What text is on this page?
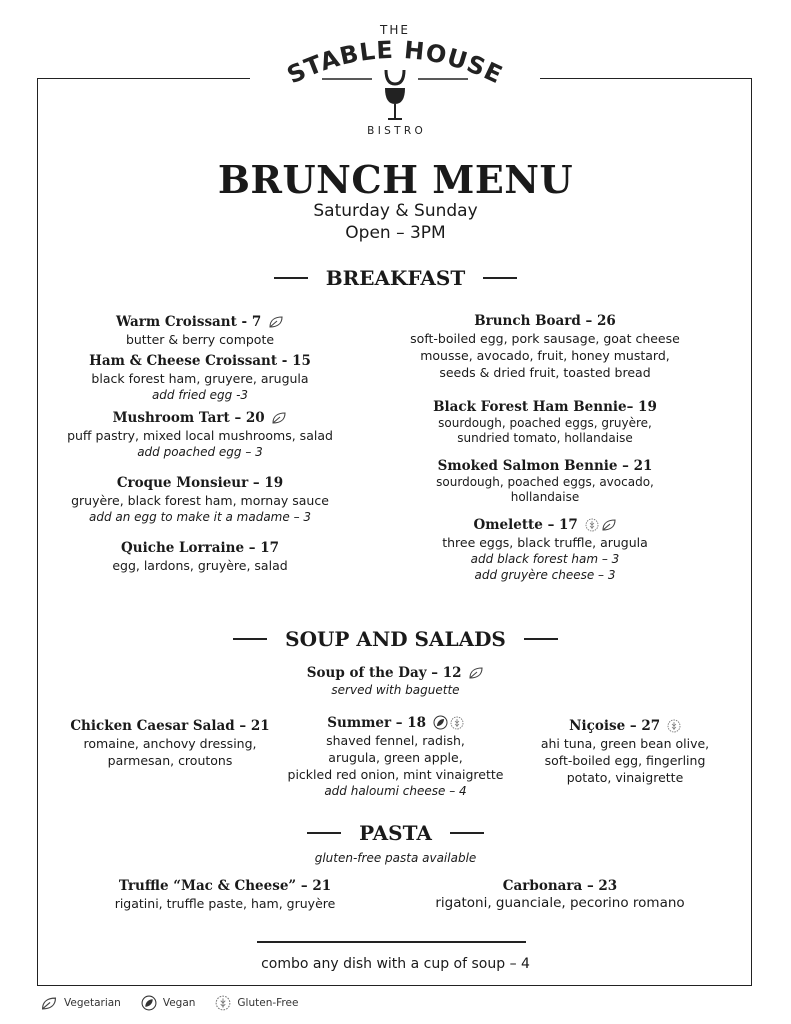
THE
STABLE HOUSE
B I S T R O
BRUNCH MENU
Saturday & Sunday
Open – 3PM
BREAKFAST
Warm Croissant - 7
butter & berry compote
Ham & Cheese Croissant - 15
black forest ham, gruyere, arugula
add fried egg -3
Mushroom Tart – 20
puff pastry, mixed local mushrooms, salad
add poached egg – 3
Croque Monsieur – 19
gruyère, black forest ham, mornay sauce
add an egg to make it a madame – 3
Quiche Lorraine – 17
egg, lardons, gruyère, salad
Brunch Board – 26
soft-boiled egg, pork sausage, goat cheese
mousse, avocado, fruit, honey mustard,
seeds & dried fruit, toasted bread
Black Forest Ham Bennie– 19
sourdough, poached eggs, gruyère,
sundried tomato, hollandaise
Smoked Salmon Bennie – 21
sourdough, poached eggs, avocado,
hollandaise
Omelette – 17
three eggs, black truffle, arugula
add black forest ham – 3
add gruyère cheese – 3
SOUP AND SALADS
Soup of the Day – 12
served with baguette
Chicken Caesar Salad – 21
romaine, anchovy dressing,
parmesan, croutons
Summer – 18
shaved fennel, radish,
arugula, green apple,
pickled red onion, mint vinaigrette
add haloumi cheese – 4
Niçoise – 27
ahi tuna, green bean olive,
soft-boiled egg, fingerling
potato, vinaigrette
PASTA
gluten-free pasta available
Truffle “Mac & Cheese” – 21
rigatini, truffle paste, ham, gruyère
Carbonara – 23
rigatoni, guanciale, pecorino romano
combo any dish with a cup of soup – 4
Vegetarian	Vegan	Gluten-Free
